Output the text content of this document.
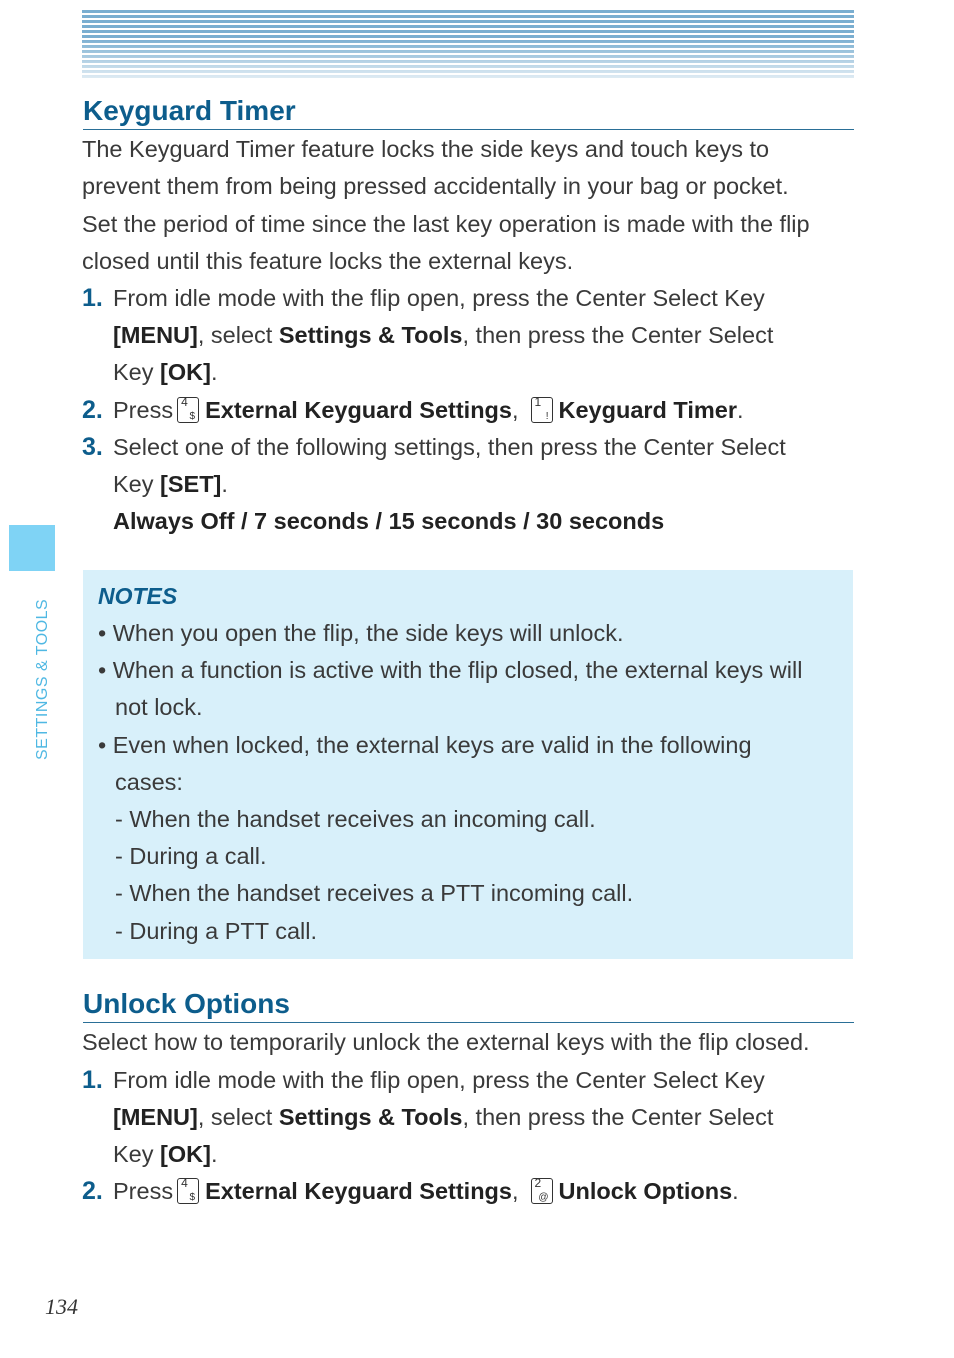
SETTINGS & TOOLS
Keyguard Timer
The Keyguard Timer feature locks the side keys and touch keys to
prevent them from being pressed accidentally in your bag or pocket.
Set the period of time since the last key operation is made with the flip
closed until this feature locks the external keys.
1. From idle mode with the flip open, press the Center Select Key
[MENU], select Settings & Tools, then press the Center Select
Key [OK].
2. Press 4
$ External Keyguard Settings, 1
! Keyguard Timer.
3. Select one of the following settings, then press the Center Select
Key [SET].
Always Off / 7 seconds / 15 seconds / 30 seconds
NOTES
• When you open the flip, the side keys will unlock.
• When a function is active with the flip closed, the external keys will
not lock.
• Even when locked, the external keys are valid in the following
cases:
- When the handset receives an incoming call.
- During a call.
- When the handset receives a PTT incoming call.
- During a PTT call.
Unlock Options
Select how to temporarily unlock the external keys with the flip closed.
1. From idle mode with the flip open, press the Center Select Key
[MENU], select Settings & Tools, then press the Center Select
Key [OK].
2. Press 4
$ External Keyguard Settings, 2
@ Unlock Options.
134
